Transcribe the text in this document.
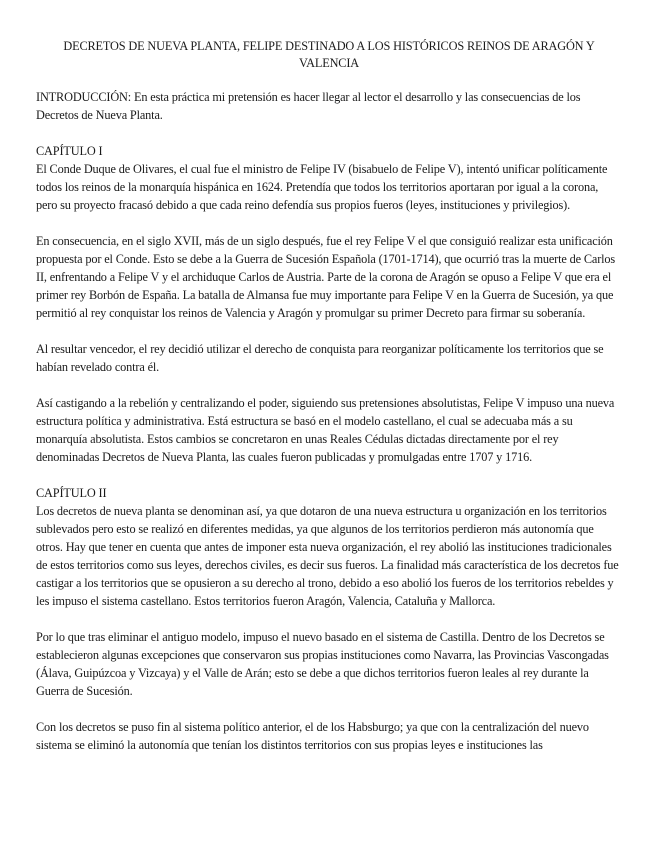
DECRETOS DE NUEVA PLANTA, FELIPE DESTINADO A LOS HISTÓRICOS REINOS DE ARAGÓN Y VALENCIA
INTRODUCCIÓN: En esta práctica mi pretensión es hacer llegar al lector el desarrollo y las consecuencias de los Decretos de Nueva Planta.
CAPÍTULO I
El Conde Duque de Olivares, el cual fue el ministro de Felipe IV (bisabuelo de Felipe V), intentó unificar políticamente todos los reinos de la monarquía hispánica en 1624. Pretendía que todos los territorios aportaran por igual a la corona, pero su proyecto fracasó debido a que cada reino defendía sus propios fueros (leyes, instituciones y privilegios).
En consecuencia, en el siglo XVII, más de un siglo después, fue el rey Felipe V el que consiguió realizar esta unificación propuesta por el Conde. Esto se debe a la Guerra de Sucesión Española (1701-1714), que ocurrió tras la muerte de Carlos II, enfrentando a Felipe V y el archiduque Carlos de Austria. Parte de la corona de Aragón se opuso a Felipe V que era el primer rey Borbón de España. La batalla de Almansa fue muy importante para Felipe V en la Guerra de Sucesión, ya que permitió al rey conquistar los reinos de Valencia y Aragón y promulgar su primer Decreto para firmar su soberanía.
Al resultar vencedor, el rey decidió utilizar el derecho de conquista para reorganizar políticamente los territorios que se habían revelado contra él.
Así castigando a la rebelión y centralizando el poder, siguiendo sus pretensiones absolutistas, Felipe V impuso una nueva estructura política y administrativa. Está estructura se basó en el modelo castellano, el cual se adecuaba más a su monarquía absolutista. Estos cambios se concretaron en unas Reales Cédulas dictadas directamente por el rey denominadas Decretos de Nueva Planta, las cuales fueron publicadas y promulgadas entre 1707 y 1716.
CAPÍTULO II
Los decretos de nueva planta se denominan así, ya que dotaron de una nueva estructura u organización en los territorios sublevados pero esto se realizó en diferentes medidas, ya que algunos de los territorios perdieron más autonomía que otros. Hay que tener en cuenta que antes de imponer esta nueva organización, el rey abolió las instituciones tradicionales de estos territorios como sus leyes, derechos civiles, es decir sus fueros. La finalidad más característica de los decretos fue castigar a los territorios que se opusieron a su derecho al trono, debido a eso abolió los fueros de los territorios rebeldes y les impuso el sistema castellano. Estos territorios fueron Aragón, Valencia, Cataluña y Mallorca.
Por lo que tras eliminar el antiguo modelo, impuso el nuevo basado en el sistema de Castilla. Dentro de los Decretos se establecieron algunas excepciones que conservaron sus propias instituciones como Navarra, las Provincias Vascongadas (Álava, Guipúzcoa y Vizcaya) y el Valle de Arán; esto se debe a que dichos territorios fueron leales al rey durante la Guerra de Sucesión.
Con los decretos se puso fin al sistema político anterior, el de los Habsburgo; ya que con la centralización del nuevo sistema se eliminó la autonomía que tenían los distintos territorios con sus propias leyes e instituciones las
